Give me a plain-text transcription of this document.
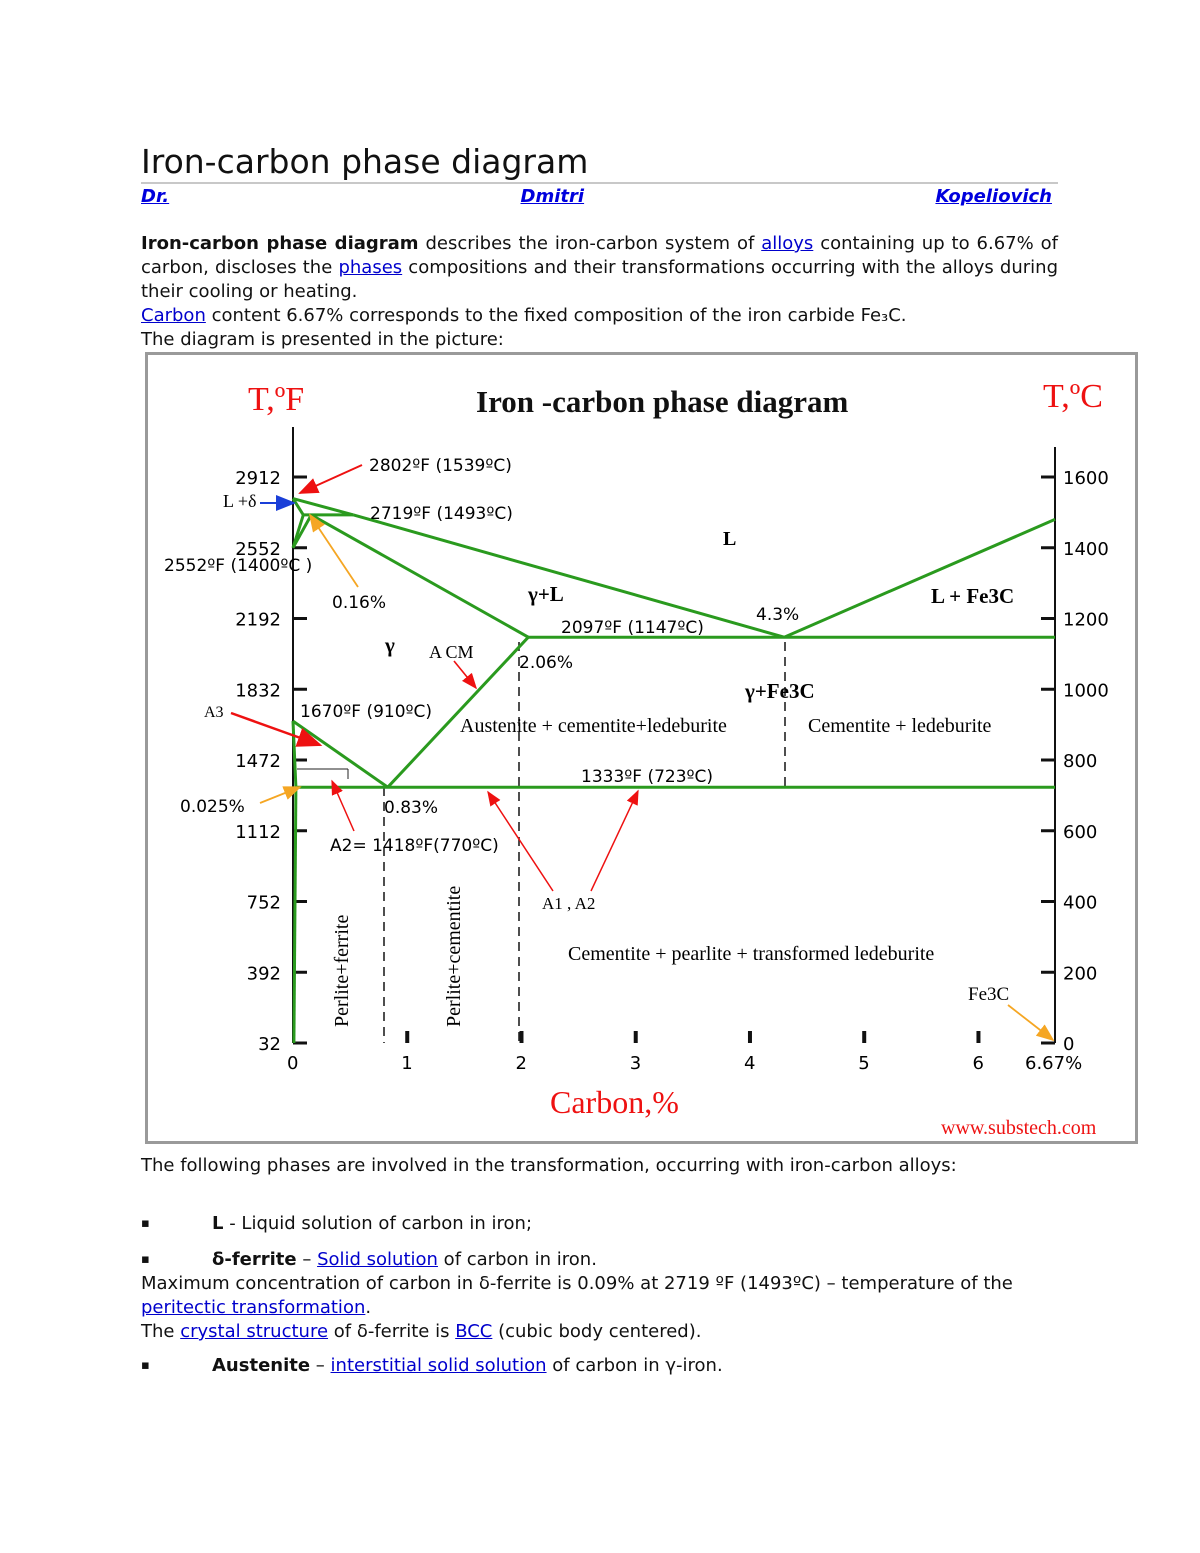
Iron-carbon phase diagram
Dr.	Dmitri	Kopeliovich
Iron-carbon phase diagram describes the iron-carbon system of alloys containing up to 6.67% of carbon, discloses the phases compositions and their transformations occurring with the alloys during their cooling or heating.
Carbon content 6.67% corresponds to the fixed composition of the iron carbide Fe₃C.
The diagram is presented in the picture:
T,ºF	T,ºC
Iron -carbon phase diagram
2912
2552
2192
1832
1472
1112
752
392
32
1600
1400
1200
1000
800
600
400
200
0
0	1	2	3	4	5	6 6.67%
L
γ+L	L + Fe3C
γ A CM
γ+Fe3C
Austenite + cementite+ledeburite	Cementite + ledeburite
Cementite + pearlite + transformed ledeburite
Perlite+ferrite	Perlite+cementite
2802ºF (1539ºC)
2719ºF (1493ºC)
L +δ
2552ºF (1400ºC )
0.16%
2097ºF (1147ºC)
4.3%
2.06%
A3	1670ºF (910ºC)
1333ºF (723ºC)
0.025%	0.83%
A2= 1418ºF(770ºC)
A1 , A2
Fe3C
Carbon,%
www.substech.com
The following phases are involved in the transformation, occurring with iron-carbon alloys:
▪	L - Liquid solution of carbon in iron;
▪	δ-ferrite – Solid solution of carbon in iron.
Maximum concentration of carbon in δ-ferrite is 0.09% at 2719 ºF (1493ºC) – temperature of the peritectic transformation.
The crystal structure of δ-ferrite is BCC (cubic body centered).
▪	Austenite – interstitial solid solution of carbon in γ-iron.
